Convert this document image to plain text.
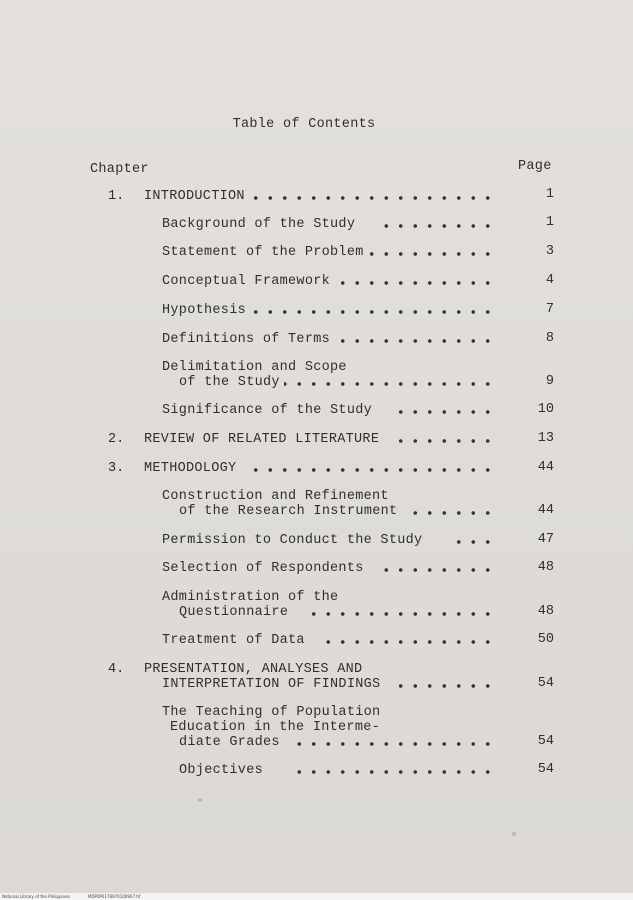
Table of Contents
Chapter	Page
1. INTRODUCTION	1
Background of the Study	1
Statement of the Problem	3
Conceptual Framework	4
Hypothesis	7
Definitions of Terms	8
Delimitation and Scope
of the Study	9
Significance of the Study	10
2. REVIEW OF RELATED LITERATURE	13
3. METHODOLOGY	44
Construction and Refinement
of the Research Instrument	44
Permission to Conduct the Study	47
Selection of Respondents	48
Administration of the
Questionnaire	48
Treatment of Data	50
4. PRESENTATION, ANALYSES AND
INTERPRETATION OF FINDINGS	54
The Teaching of Population
Education in the Interme-
diate Grades	54
Objectives	54
National Library of the Philippines	MDP0P0178970100907.tif
